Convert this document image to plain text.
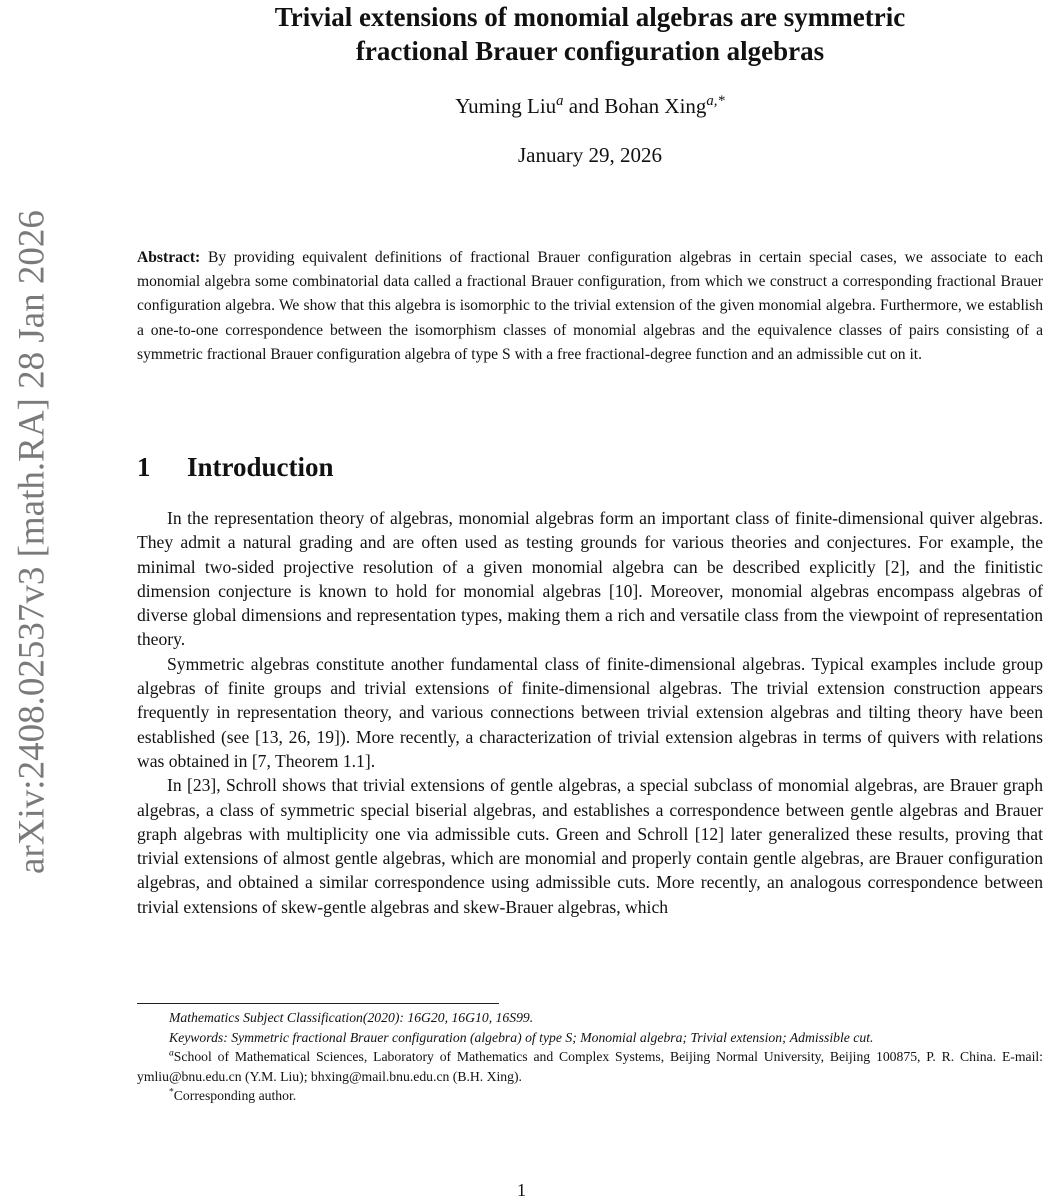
arXiv:2408.02537v3 [math.RA] 28 Jan 2026
Trivial extensions of monomial algebras are symmetric
fractional Brauer configuration algebras
Yuming Liu$^a$ and Bohan Xing$^{a,*}$
January 29, 2026
Abstract: By providing equivalent definitions of fractional Brauer configuration algebras in certain special cases, we associate to each monomial algebra some combinatorial data called a fractional Brauer configuration, from which we construct a corresponding fractional Brauer configuration algebra. We show that this algebra is isomorphic to the trivial extension of the given monomial algebra. Furthermore, we establish a one-to-one correspondence between the isomorphism classes of monomial algebras and the equivalence classes of pairs consisting of a symmetric fractional Brauer configuration algebra of type S with a free fractional-degree function and an admissible cut on it.
1 Introduction

In the representation theory of algebras, monomial algebras form an important class of finite-dimensional quiver algebras. They admit a natural grading and are often used as testing grounds for various theories and conjectures. For example, the minimal two-sided projective resolution of a given monomial algebra can be described explicitly [2], and the finitistic dimension conjecture is known to hold for monomial algebras [10]. Moreover, monomial algebras encompass algebras of diverse global dimensions and representation types, making them a rich and versatile class from the viewpoint of representation theory.

Symmetric algebras constitute another fundamental class of finite-dimensional algebras. Typical examples include group algebras of finite groups and trivial extensions of finite-dimensional algebras. The trivial extension construction appears frequently in representation theory, and various connections between trivial extension algebras and tilting theory have been established (see [13, 26, 19]). More recently, a characterization of trivial extension algebras in terms of quivers with relations was obtained in [7, Theorem 1.1].

In [23], Schroll shows that trivial extensions of gentle algebras, a special subclass of monomial algebras, are Brauer graph algebras, a class of symmetric special biserial algebras, and establishes a correspondence between gentle algebras and Brauer graph algebras with multiplicity one via admissible cuts. Green and Schroll [12] later generalized these results, proving that trivial extensions of almost gentle algebras, which are monomial and properly contain gentle algebras, are Brauer configuration algebras, and obtained a similar correspondence using admissible cuts. More recently, an analogous correspondence between trivial extensions of skew-gentle algebras and skew-Brauer algebras, which

Mathematics Subject Classification(2020): 16G20, 16G10, 16S99.

Keywords: Symmetric fractional Brauer configuration (algebra) of type S; Monomial algebra; Trivial extension; Admissible cut.

$^a$School of Mathematical Sciences, Laboratory of Mathematics and Complex Systems, Beijing Normal University, Beijing 100875, P. R. China. E-mail: ymliu@bnu.edu.cn (Y.M. Liu); bhxing@mail.bnu.edu.cn (B.H. Xing).

*Corresponding author.

1
